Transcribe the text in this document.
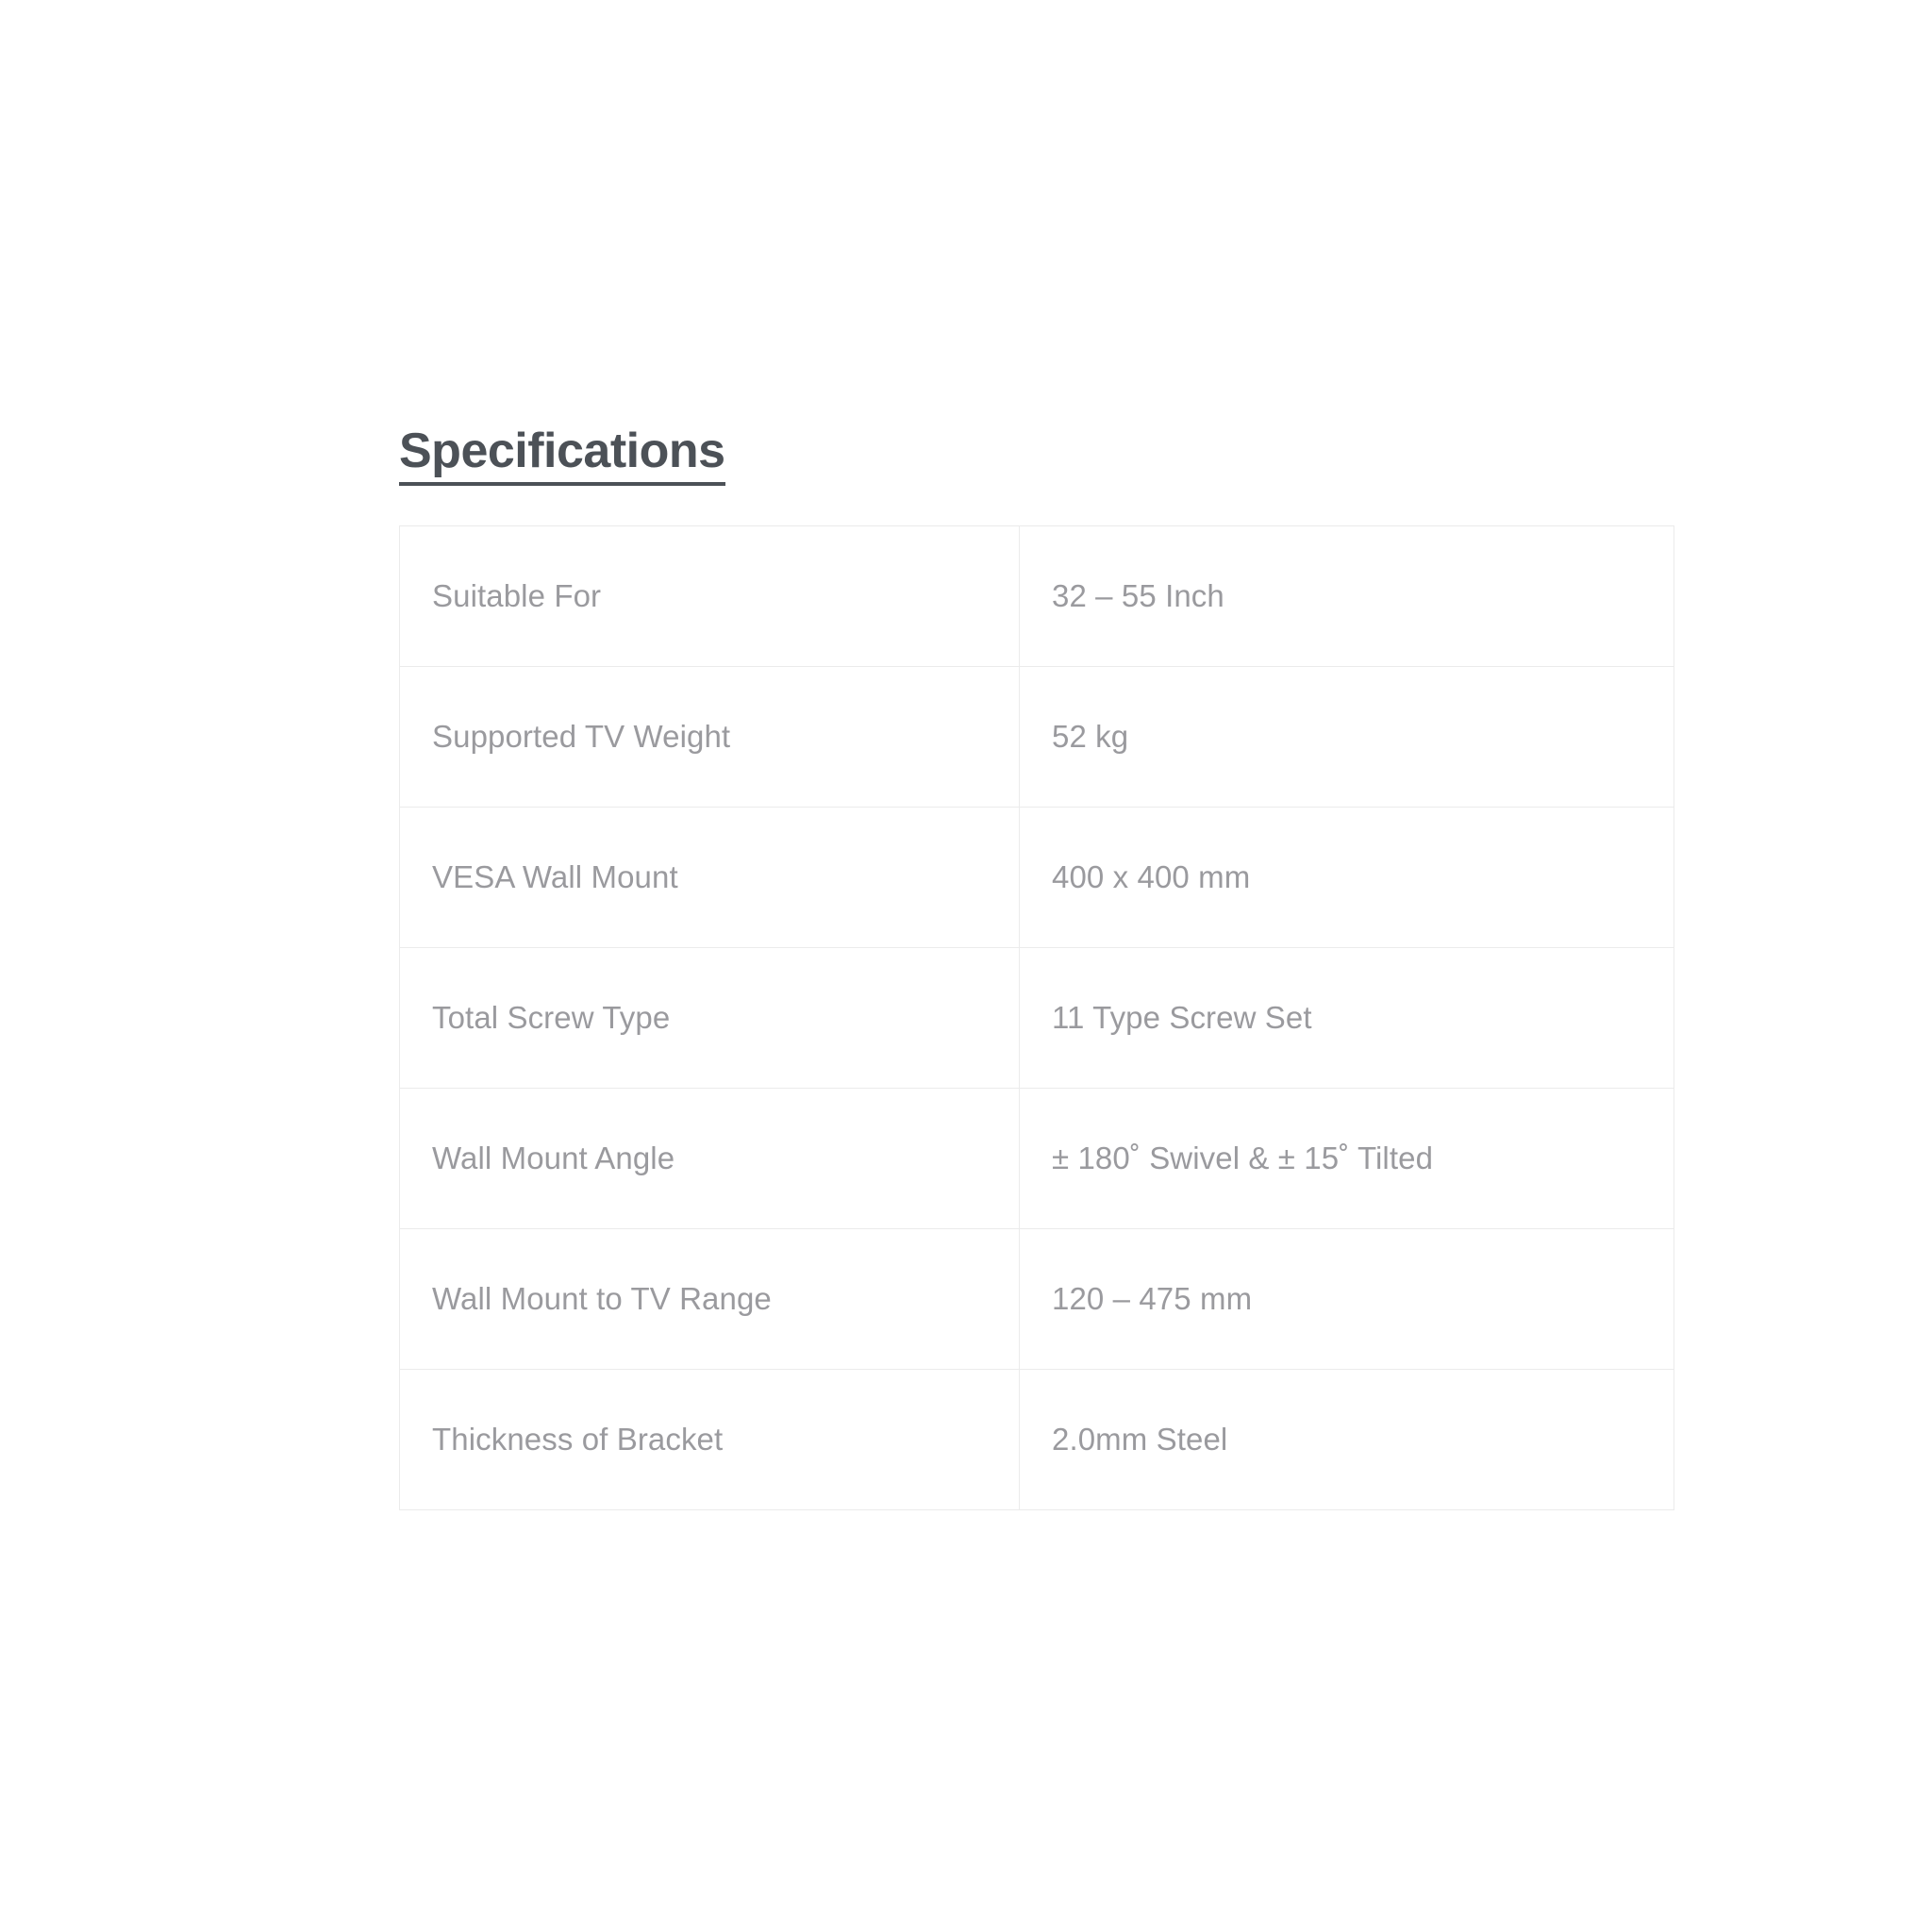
Specifications
Suitable For	32 – 55 Inch
Supported TV Weight	52 kg
VESA Wall Mount	400 x 400 mm
Total Screw Type	11 Type Screw Set
Wall Mount Angle	± 180˚ Swivel & ± 15˚ Tilted
Wall Mount to TV Range	120 – 475 mm
Thickness of Bracket	2.0mm Steel
